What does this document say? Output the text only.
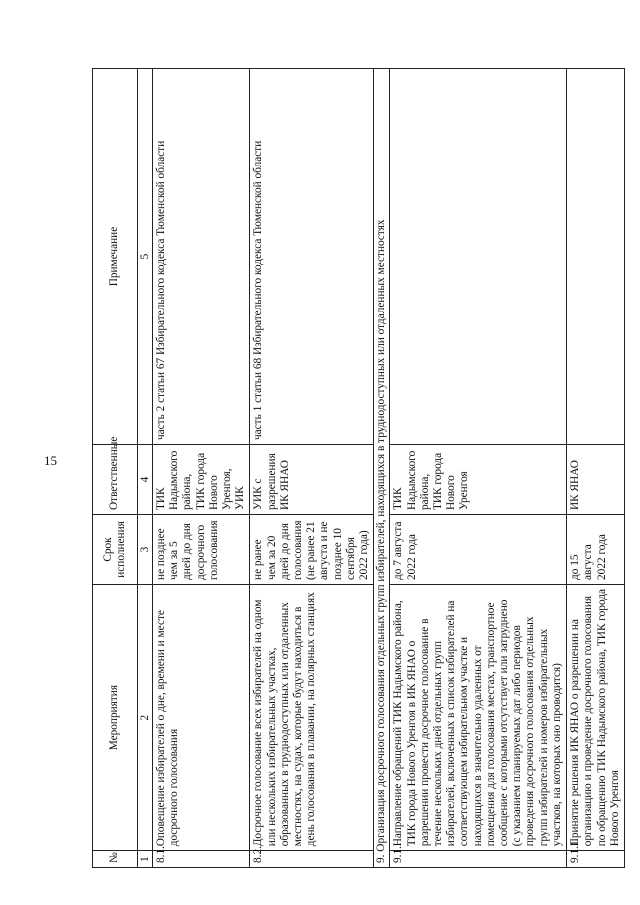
15
№	Мероприятия	Срок исполнения	Ответственные	Примечание
1	2	3	4	5
8.1.	Оповещение избирателей о дне, времени и месте досрочного голосования	не позднее чем за 5 дней до дня досрочного голосования	ТИК Надымского района, ТИК города Нового Уренгоя, УИК	часть 2 статьи 67 Избирательного кодекса Тюменской области
8.2.	Досрочное голосование всех избирателей на одном или нескольких избирательных участках, образованных в труднодоступных или отдаленных местностях, на судах, которые будут находиться в день голосования в плавании, на полярных станциях	не ранее чем за 20 дней до дня голосования (не ранее 21 августа и не позднее 10 сентября 2022 года)	УИК с разрешения ИК ЯНАО	часть 1 статьи 68 Избирательного кодекса Тюменской области
9. Организация досрочного голосования отдельных групп избирателей, находящихся в труднодоступных или отдаленных местностях				
9.1.	Направление обращений ТИК Надымского района, ТИК города Нового Уренгоя в ИК ЯНАО о разрешении провести досрочное голосование в течение нескольких дней отдельных групп избирателей, включенных в список избирателей на соответствующем избирательном участке и находящихся в значительно удаленных от помещения для голосования местах, транспортное сообщение с которыми отсутствует или затруднено (с указанием планируемых дат либо периодов проведения досрочного голосования отдельных групп избирателей и номеров избирательных участков, на которых оно проводится)	до 7 августа 2022 года	ТИК Надымского района, ТИК города Нового Уренгоя	
9.1.1	Принятие решения ИК ЯНАО о разрешении на организацию и проведение досрочного голосования по обращению ТИК Надымского района, ТИК города Нового Уренгоя	до 15 августа 2022 года	ИК ЯНАО	
